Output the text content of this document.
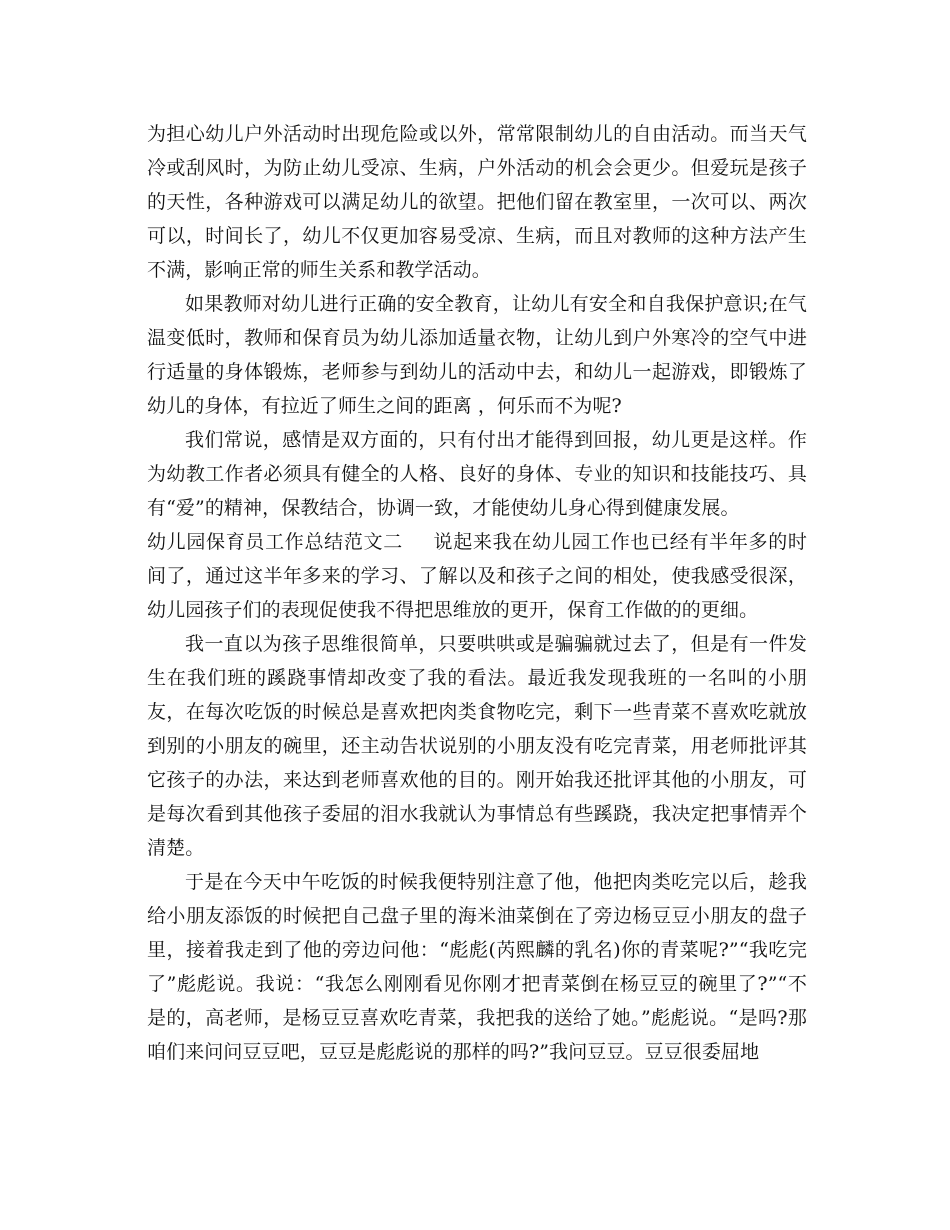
为担心幼儿户外活动时出现危险或以外，常常限制幼儿的自由活动。而当天气冷或刮风时，为防止幼儿受凉、生病，户外活动的机会会更少。但爱玩是孩子的天性，各种游戏可以满足幼儿的欲望。把他们留在教室里，一次可以、两次可以，时间长了，幼儿不仅更加容易受凉、生病，而且对教师的这种方法产生不满，影响正常的师生关系和教学活动。

如果教师对幼儿进行正确的安全教育，让幼儿有安全和自我保护意识;在气温变低时，教师和保育员为幼儿添加适量衣物，让幼儿到户外寒冷的空气中进行适量的身体锻炼，老师参与到幼儿的活动中去，和幼儿一起游戏，即锻炼了幼儿的身体，有拉近了师生之间的距离 ，何乐而不为呢?

我们常说，感情是双方面的，只有付出才能得到回报，幼儿更是这样。作为幼教工作者必须具有健全的人格、良好的身体、专业的知识和技能技巧、具有“爱”的精神，保教结合，协调一致，才能使幼儿身心得到健康发展。

幼儿园保育员工作总结范文二 说起来我在幼儿园工作也已经有半年多的时间了，通过这半年多来的学习、了解以及和孩子之间的相处，使我感受很深，幼儿园孩子们的表现促使我不得把思维放的更开，保育工作做的的更细。

我一直以为孩子思维很简单，只要哄哄或是骗骗就过去了，但是有一件发生在我们班的蹊跷事情却改变了我的看法。最近我发现我班的一名叫的小朋友，在每次吃饭的时候总是喜欢把肉类食物吃完，剩下一些青菜不喜欢吃就放到别的小朋友的碗里，还主动告状说别的小朋友没有吃完青菜，用老师批评其它孩子的办法，来达到老师喜欢他的目的。刚开始我还批评其他的小朋友，可是每次看到其他孩子委屈的泪水我就认为事情总有些蹊跷，我决定把事情弄个清楚。

于是在今天中午吃饭的时候我便特别注意了他，他把肉类吃完以后，趁我给小朋友添饭的时候把自己盘子里的海米油菜倒在了旁边杨豆豆小朋友的盘子里，接着我走到了他的旁边问他：“彪彪(芮熙麟的乳名)你的青菜呢?”“我吃完了”彪彪说。我说：“我怎么刚刚看见你刚才把青菜倒在杨豆豆的碗里了?”“不是的，高老师，是杨豆豆喜欢吃青菜，我把我的送给了她。”彪彪说。“是吗?那咱们来问问豆豆吧，豆豆是彪彪说的那样的吗?”我问豆豆。豆豆很委屈地
